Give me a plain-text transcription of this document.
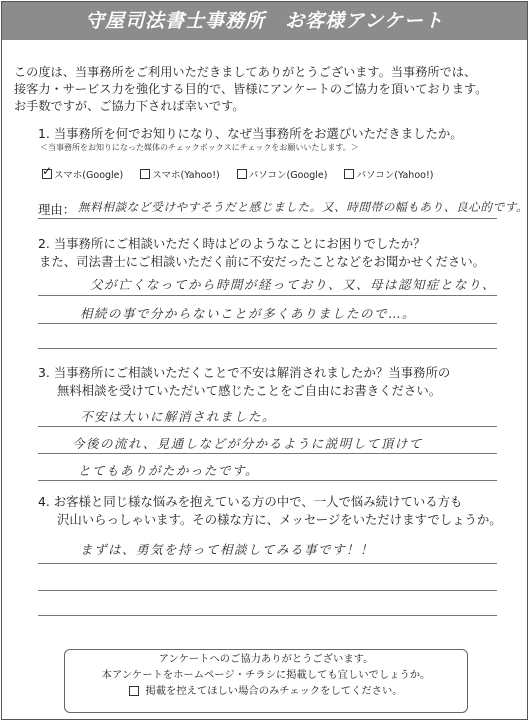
守屋司法書士事務所　お客様アンケート
この度は、当事務所をご利用いただきましてありがとうございます。当事務所では、
接客力・サービス力を強化する目的で、皆様にアンケートのご協力を頂いております。
お手数ですが、ご協力下されば幸いです。
1. 当事務所を何でお知りになり、なぜ当事務所をお選びいただきましたか。
＜当事務所をお知りになった媒体のチェックボックスにチェックをお願いいたします。＞
✓ スマホ(Google)	スマホ(Yahoo!)	パソコン(Google)	パソコン(Yahoo!)
理由： 無料相談など受けやすそうだと感じました。又、時間帯の幅もあり、良心的です。
2. 当事務所にご相談いただく時はどのようなことにお困りでしたか？
また、司法書士にご相談いただく前に不安だったことなどをお聞かせください。
父が亡くなってから時間が経っており、又、母は認知症となり、
相続の事で分からないことが多くありましたので…。
3. 当事務所にご相談いただくことで不安は解消されましたか？当事務所の
無料相談を受けていただいて感じたことをご自由にお書きください。
不安は大いに解消されました。
今後の流れ、見通しなどが分かるように説明して頂けて
とてもありがたかったです。
4. お客様と同じ様な悩みを抱えている方の中で、一人で悩み続けている方も
沢山いらっしゃいます。その様な方に、メッセージをいただけますでしょうか。
まずは、勇気を持って相談してみる事です！！
アンケートへのご協力ありがとうございます。
本アンケートをホームページ・チラシに掲載しても宜しいでしょうか。
掲載を控えてほしい場合のみチェックをしてください。
